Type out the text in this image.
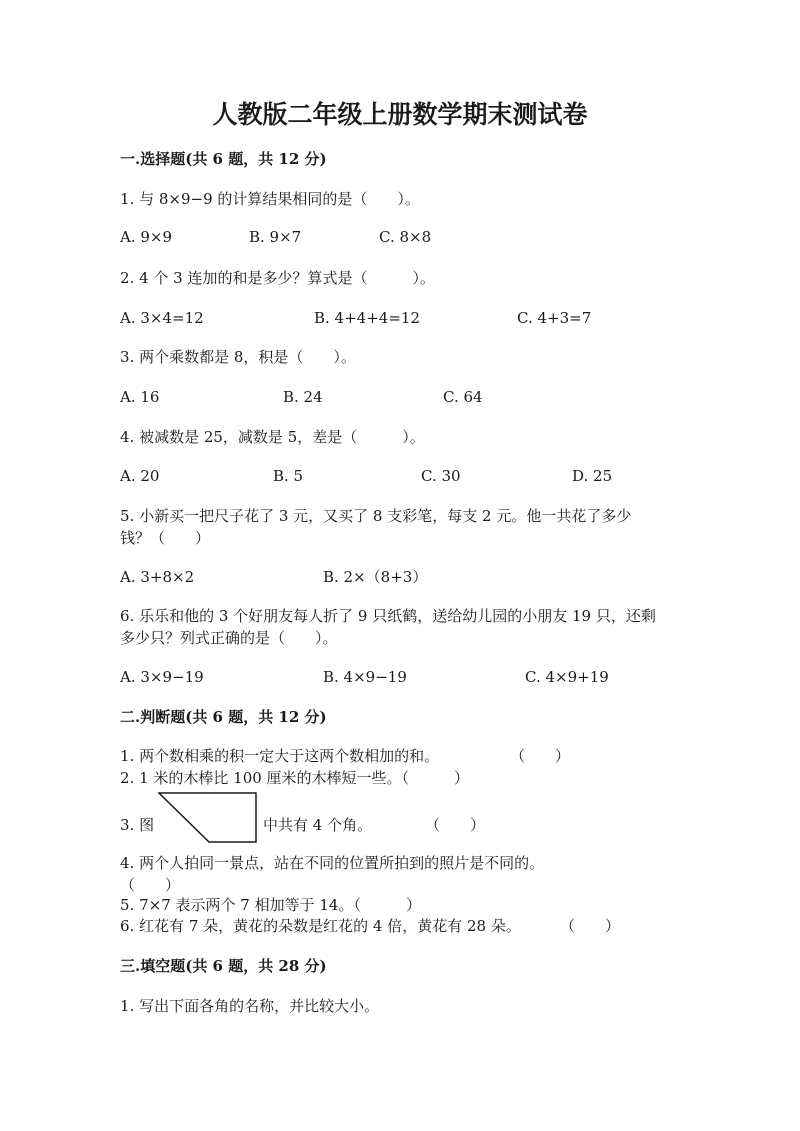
人教版二年级上册数学期末测试卷
一.选择题(共 6 题，共 12 分)
1. 与 8×9−9 的计算结果相同的是（　　）。
A. 9×9	B. 9×7	C. 8×8
2. 4 个 3 连加的和是多少？算式是（　　　）。
A. 3×4=12	B. 4+4+4=12	C. 4+3=7
3. 两个乘数都是 8，积是（　　）。
A. 16	B. 24	C. 64
4. 被减数是 25，减数是 5，差是（　　　）。
A. 20	B. 5	C. 30	D. 25
5. 小新买一把尺子花了 3 元，又买了 8 支彩笔，每支 2 元。他一共花了多少
钱？（　　）
A. 3+8×2	B. 2×（8+3）
6. 乐乐和他的 3 个好朋友每人折了 9 只纸鹤，送给幼儿园的小朋友 19 只，还剩
多少只？列式正确的是（　　）。
A. 3×9−19	B. 4×9−19	C. 4×9+19
二.判断题(共 6 题，共 12 分)
1. 两个数相乘的积一定大于这两个数相加的和。	（　　）
2. 1 米的木棒比 100 厘米的木棒短一些。（　　　）
3. 图	中共有 4 个角。	（　　）
4. 两个人拍同一景点，站在不同的位置所拍到的照片是不同的。
（　　）
5. 7×7 表示两个 7 相加等于 14。（　　　）
6. 红花有 7 朵，黄花的朵数是红花的 4 倍，黄花有 28 朵。	（　　）
三.填空题(共 6 题，共 28 分)
1. 写出下面各角的名称，并比较大小。
